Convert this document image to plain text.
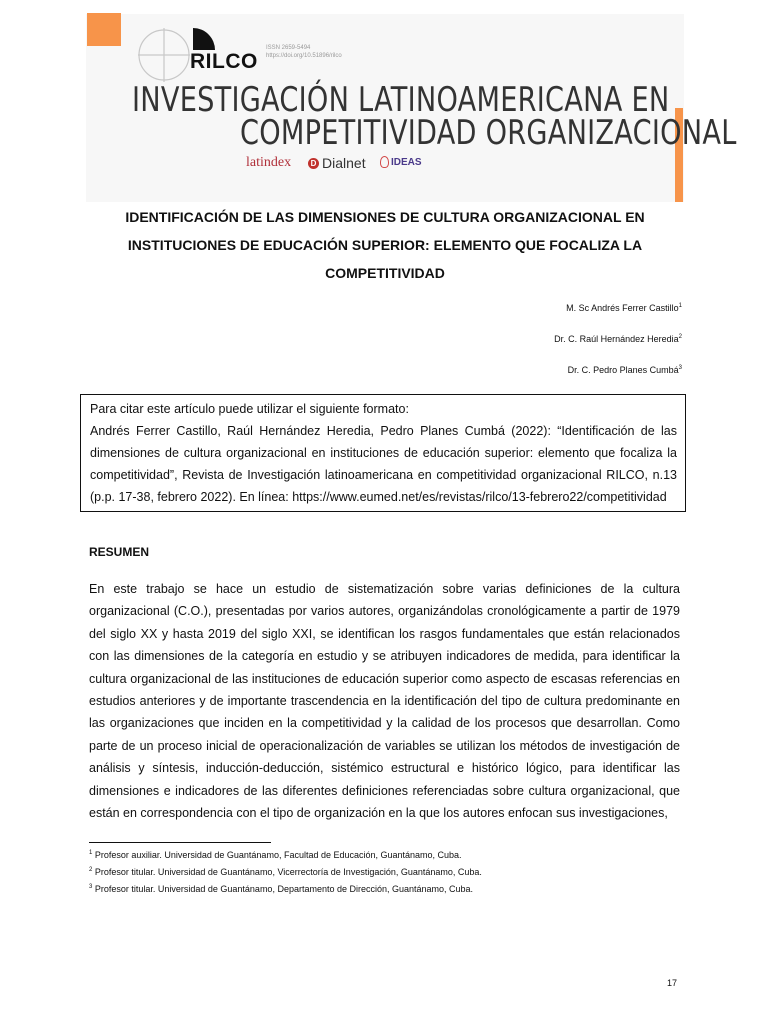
RILCO
ISSN 2659-5494
https://doi.org/10.51896/rilco
INVESTIGACIÓN LATINOAMERICANA EN
COMPETITIVIDAD ORGANIZACIONAL
latindex	D Dialnet	IDEAS
IDENTIFICACIÓN DE LAS DIMENSIONES DE CULTURA ORGANIZACIONAL EN
INSTITUCIONES DE EDUCACIÓN SUPERIOR: ELEMENTO QUE FOCALIZA LA
COMPETITIVIDAD
M. Sc Andrés Ferrer Castillo$^1$
Dr. C. Raúl Hernández Heredia$^2$
Dr. C. Pedro Planes Cumbá$^3$

Para citar este artículo puede utilizar el siguiente formato:

Andrés Ferrer Castillo, Raúl Hernández Heredia, Pedro Planes Cumbá (2022): “Identificación de las dimensiones de cultura organizacional en instituciones de educación superior: elemento que focaliza la competitividad”, Revista de Investigación latinoamericana en competitividad organizacional RILCO, n.13 (p.p. 17-38, febrero 2022). En línea: https://www.eumed.net/es/revistas/rilco/13-febrero22/competitividad

RESUMEN
En este trabajo se hace un estudio de sistematización sobre varias definiciones de la cultura organizacional (C.O.), presentadas por varios autores, organizándolas cronológicamente a partir de 1979 del siglo XX y hasta 2019 del siglo XXI, se identifican los rasgos fundamentales que están relacionados con las dimensiones de la categoría en estudio y se atribuyen indicadores de medida, para identificar la cultura organizacional de las instituciones de educación superior como aspecto de escasas referencias en estudios anteriores y de importante trascendencia en la identificación del tipo de cultura predominante en las organizaciones que inciden en la competitividad y la calidad de los procesos que desarrollan. Como parte de un proceso inicial de operacionalización de variables se utilizan los métodos de investigación de análisis y síntesis, inducción-deducción, sistémico estructural e histórico lógico, para identificar las dimensiones e indicadores de las diferentes definiciones referenciadas sobre cultura organizacional, que están en correspondencia con el tipo de organización en la que los autores enfocan sus investigaciones,
$^1$ Profesor auxiliar. Universidad de Guantánamo, Facultad de Educación, Guantánamo, Cuba.
$^2$ Profesor titular. Universidad de Guantánamo, Vicerrectoría de Investigación, Guantánamo, Cuba.
$^3$ Profesor titular. Universidad de Guantánamo, Departamento de Dirección, Guantánamo, Cuba.
17
